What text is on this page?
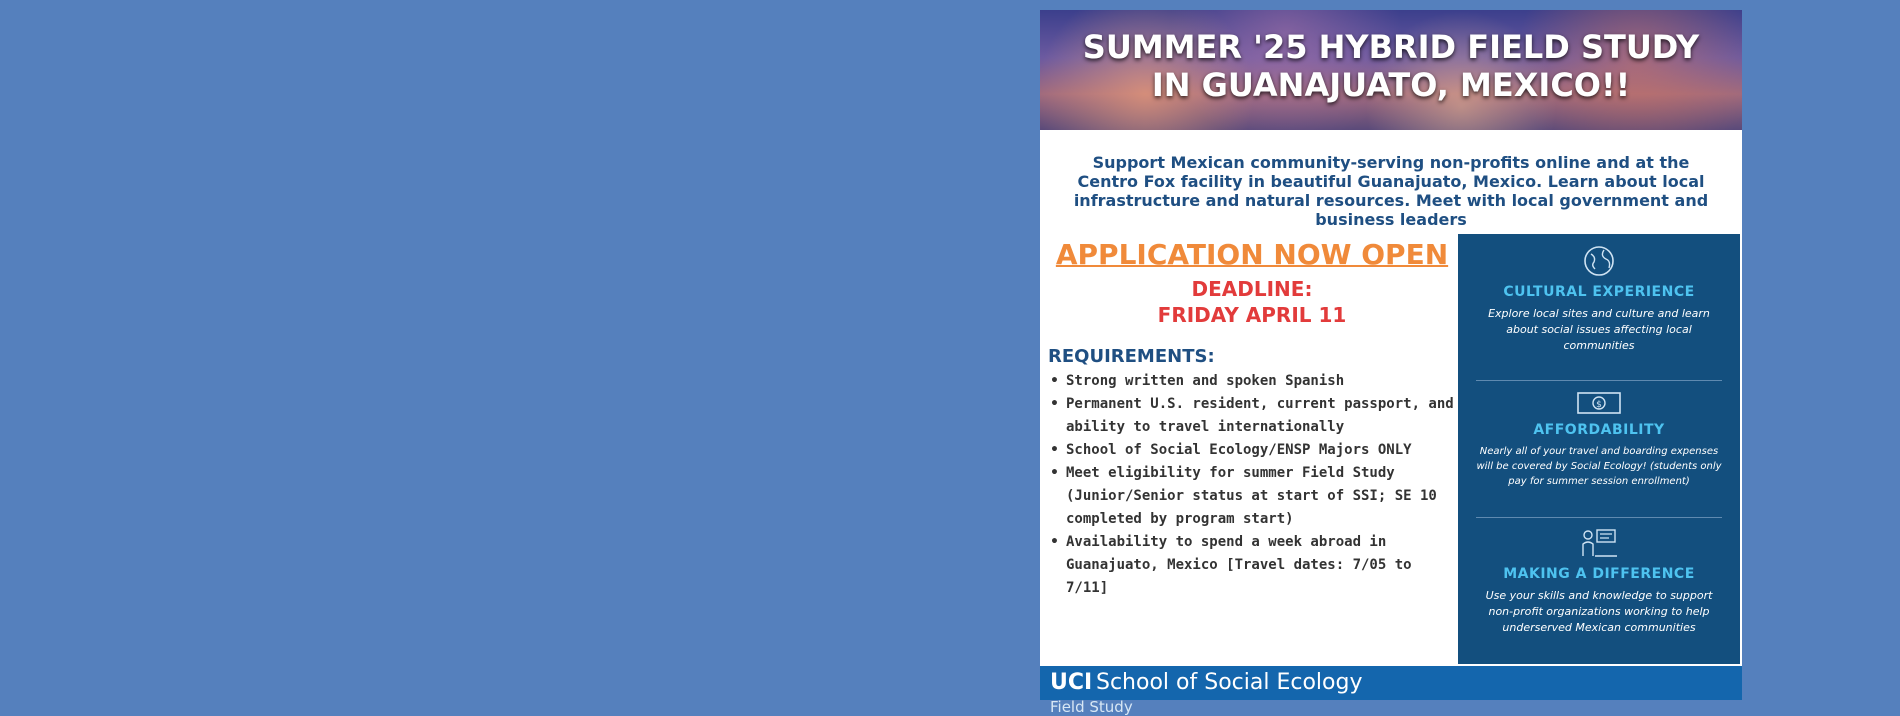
SUMMER '25 HYBRID FIELD STUDY
IN GUANAJUATO, MEXICO!!
Support Mexican community-serving non-profits online and at the Centro Fox facility in beautiful Guanajuato, Mexico. Learn about local infrastructure and natural resources. Meet with local government and business leaders
APPLICATION NOW OPEN
DEADLINE:
FRIDAY APRIL 11
REQUIREMENTS:
• Strong written and spoken Spanish
• Permanent U.S. resident, current passport, and ability to travel internationally
• School of Social Ecology/ENSP Majors ONLY
• Meet eligibility for summer Field Study (Junior/Senior status at start of SSI; SE 10 completed by program start)
• Availability to spend a week abroad in Guanajuato, Mexico [Travel dates: 7/05 to 7/11]
CULTURAL EXPERIENCE
Explore local sites and culture and learn about social issues affecting local communities
$
AFFORDABILITY
Nearly all of your travel and boarding expenses will be covered by Social Ecology! (students only pay for summer session enrollment)
MAKING A DIFFERENCE
Use your skills and knowledge to support non-profit organizations working to help underserved Mexican communities
UCI School of Social Ecology
Field Study
